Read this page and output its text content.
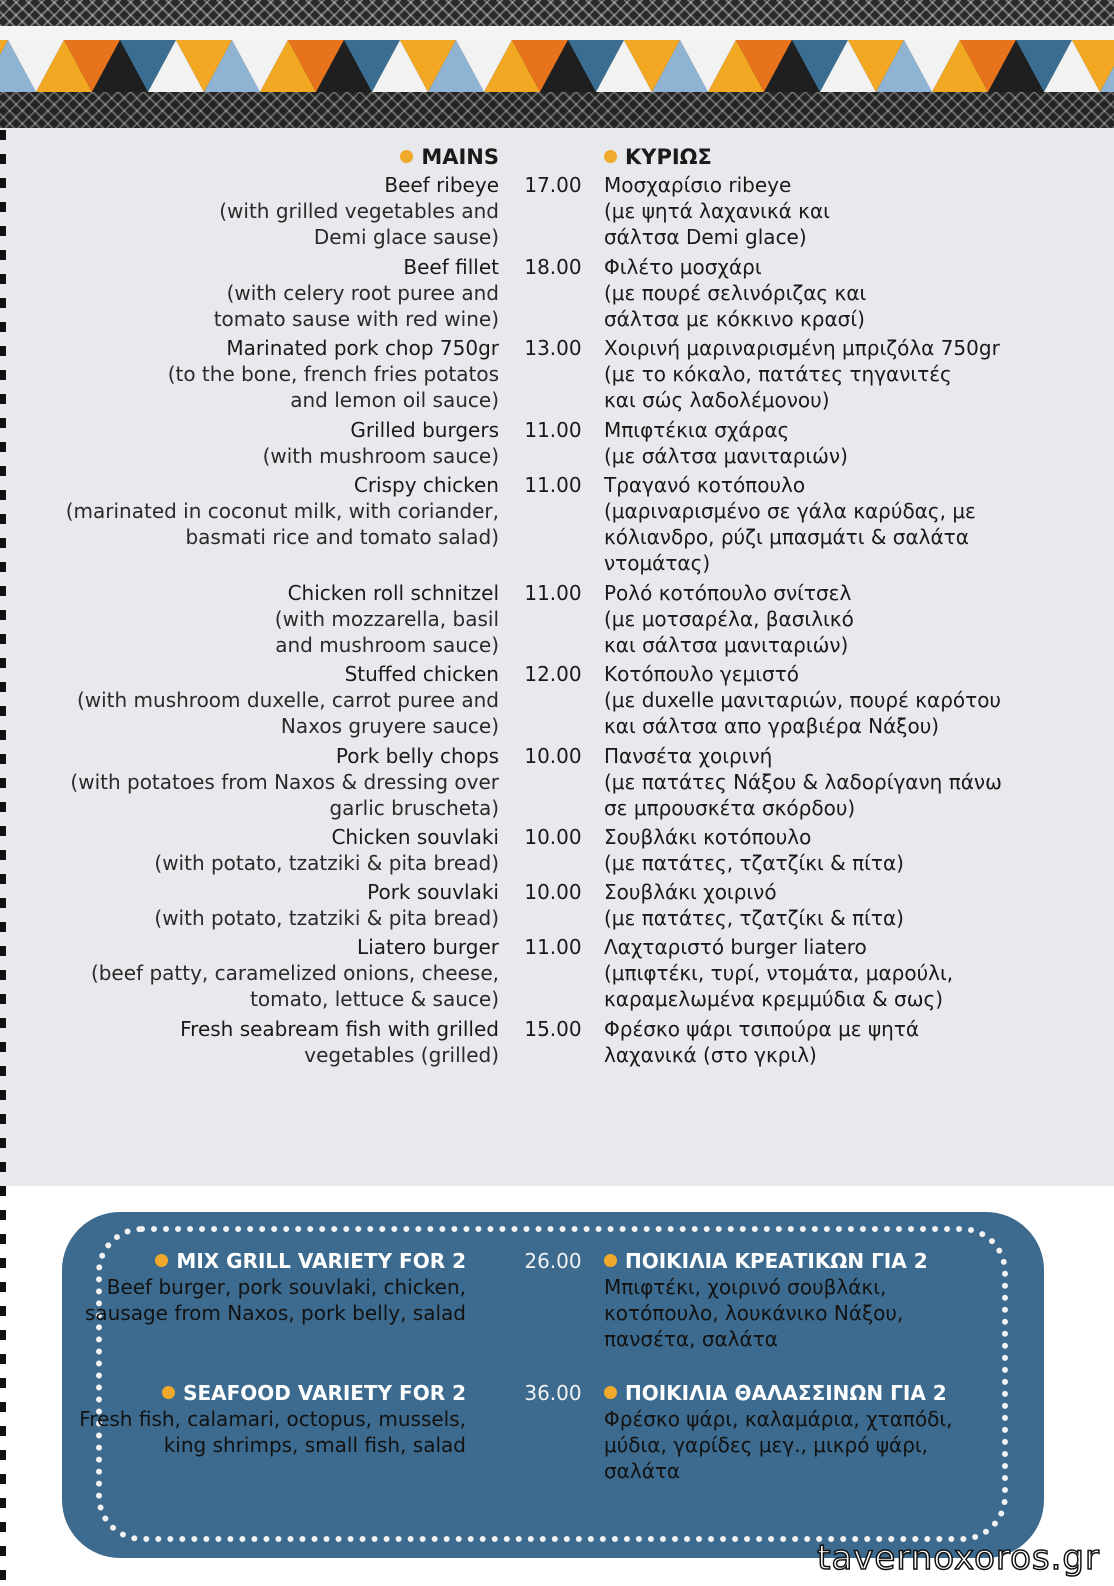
MAINS	ΚΥΡΙΩΣ
Beef ribeye
(with grilled vegetables and
Demi glace sause)
17.00	Μοσχαρίσιο ribeye
(με ψητά λαχανικά και
σάλτσα Demi glace)
Beef fillet
(with celery root puree and
tomato sause with red wine)
18.00	Φιλέτο μοσχάρι
(με πουρέ σελινόριζας και
σάλτσα με κόκκινο κρασί)
Marinated pork chop 750gr
(to the bone, french fries potatos
and lemon oil sauce)
13.00	Χοιρινή μαριναρισμένη μπριζόλα 750gr
(με το κόκαλο, πατάτες τηγανιτές
και σώς λαδολέμονου)
Grilled burgers
(with mushroom sauce)
11.00	Μπιφτέκια σχάρας
(με σάλτσα μανιταριών)
Crispy chicken
(marinated in coconut milk, with coriander,
basmati rice and tomato salad)
11.00	Τραγανό κοτόπουλο
(μαριναρισμένο σε γάλα καρύδας, με
κόλιανδρο, ρύζι μπασμάτι & σαλάτα
ντομάτας)
Chicken roll schnitzel
(with mozzarella, basil
and mushroom sauce)
11.00	Ρολό κοτόπουλο σνίτσελ
(με μοτσαρέλα, βασιλικό
και σάλτσα μανιταριών)
Stuffed chicken
(with mushroom duxelle, carrot puree and
Naxos gruyere sauce)
12.00	Κοτόπουλο γεμιστό
(με duxelle μανιταριών, πουρέ καρότου
και σάλτσα απο γραβιέρα Νάξου)
Pork belly chops
(with potatoes from Naxos & dressing over
garlic bruscheta)
10.00	Πανσέτα χοιρινή
(με πατάτες Νάξου & λαδορίγανη πάνω
σε μπρουσκέτα σκόρδου)
Chicken souvlaki
(with potato, tzatziki & pita bread)
10.00	Σουβλάκι κοτόπουλο
(με πατάτες, τζατζίκι & πίτα)
Pork souvlaki
(with potato, tzatziki & pita bread)
10.00	Σουβλάκι χοιρινό
(με πατάτες, τζατζίκι & πίτα)
Liatero burger
(beef patty, caramelized onions, cheese,
tomato, lettuce & sauce)
11.00	Λαχταριστό burger liatero
(μπιφτέκι, τυρί, ντομάτα, μαρούλι,
καραμελωμένα κρεμμύδια & σως)
Fresh seabream fish with grilled
vegetables (grilled)
15.00	Φρέσκο ψάρι τσιπούρα με ψητά
λαχανικά (στο γκριλ)
MIX GRILL VARIETY FOR 2
Beef burger, pork souvlaki, chicken,
sausage from Naxos, pork belly, salad
26.00	ΠΟΙΚΙΛΙΑ ΚΡΕΑΤΙΚΩΝ ΓΙΑ 2
Μπιφτέκι, χοιρινό σουβλάκι,
κοτόπουλο, λουκάνικο Νάξου,
πανσέτα, σαλάτα
SEAFOOD VARIETY FOR 2
Fresh fish, calamari, octopus, mussels,
king shrimps, small fish, salad
36.00	ΠΟΙΚΙΛΙΑ ΘΑΛΑΣΣΙΝΩΝ ΓΙΑ 2
Φρέσκο ψάρι, καλαμάρια, χταπόδι,
μύδια, γαρίδες μεγ., μικρό ψάρι,
σαλάτα
tavernoxoros.gr
